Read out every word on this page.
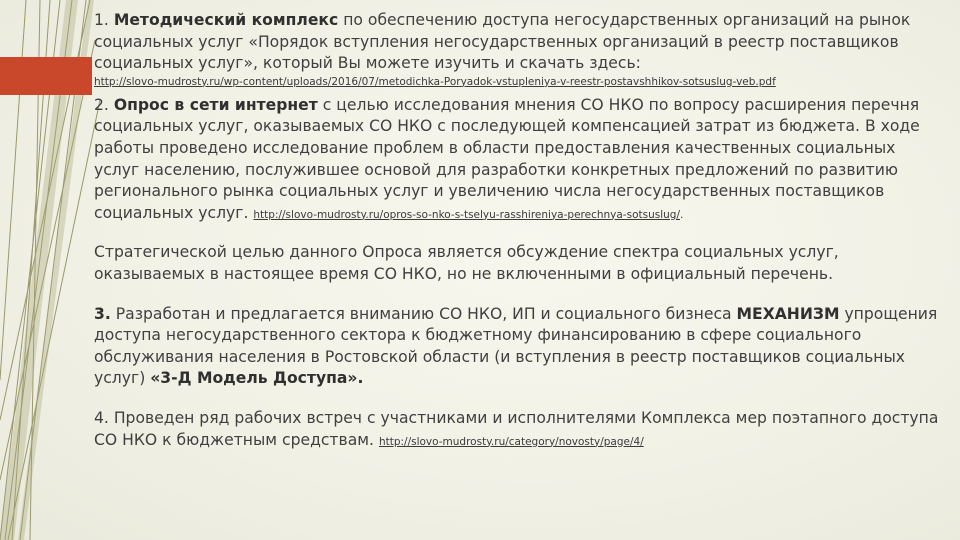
1. Методический комплекс по обеспечению доступа негосударственных организаций на рынок социальных услуг «Порядок вступления негосударственных организаций в реестр поставщиков социальных услуг», который Вы можете изучить и скачать здесь:
http://slovo-mudrosty.ru/wp-content/uploads/2016/07/metodichka-Poryadok-vstupleniya-v-reestr-postavshhikov-sotsuslug-veb.pdf

2. Опрос в сети интернет с целью исследования мнения СО НКО по вопросу расширения перечня социальных услуг, оказываемых СО НКО с последующей компенсацией затрат из бюджета. В ходе работы проведено исследование проблем в области предоставления качественных социальных услуг населению, послужившее основой для разработки конкретных предложений по развитию регионального рынка социальных услуг и увеличению числа негосударственных поставщиков социальных услуг. http://slovo-mudrosty.ru/opros-so-nko-s-tselyu-rasshireniya-perechnya-sotsuslug/.

Стратегической целью данного Опроса является обсуждение спектра социальных услуг, оказываемых в настоящее время СО НКО, но не включенными в официальный перечень.

3. Разработан и предлагается вниманию СО НКО, ИП и социального бизнеса МЕХАНИЗМ упрощения доступа негосударственного сектора к бюджетному финансированию в сфере социального обслуживания населения в Ростовской области (и вступления в реестр поставщиков социальных услуг) «3-Д Модель Доступа».

4. Проведен ряд рабочих встреч с участниками и исполнителями Комплекса мер поэтапного доступа СО НКО к бюджетным средствам. http://slovo-mudrosty.ru/category/novosty/page/4/
